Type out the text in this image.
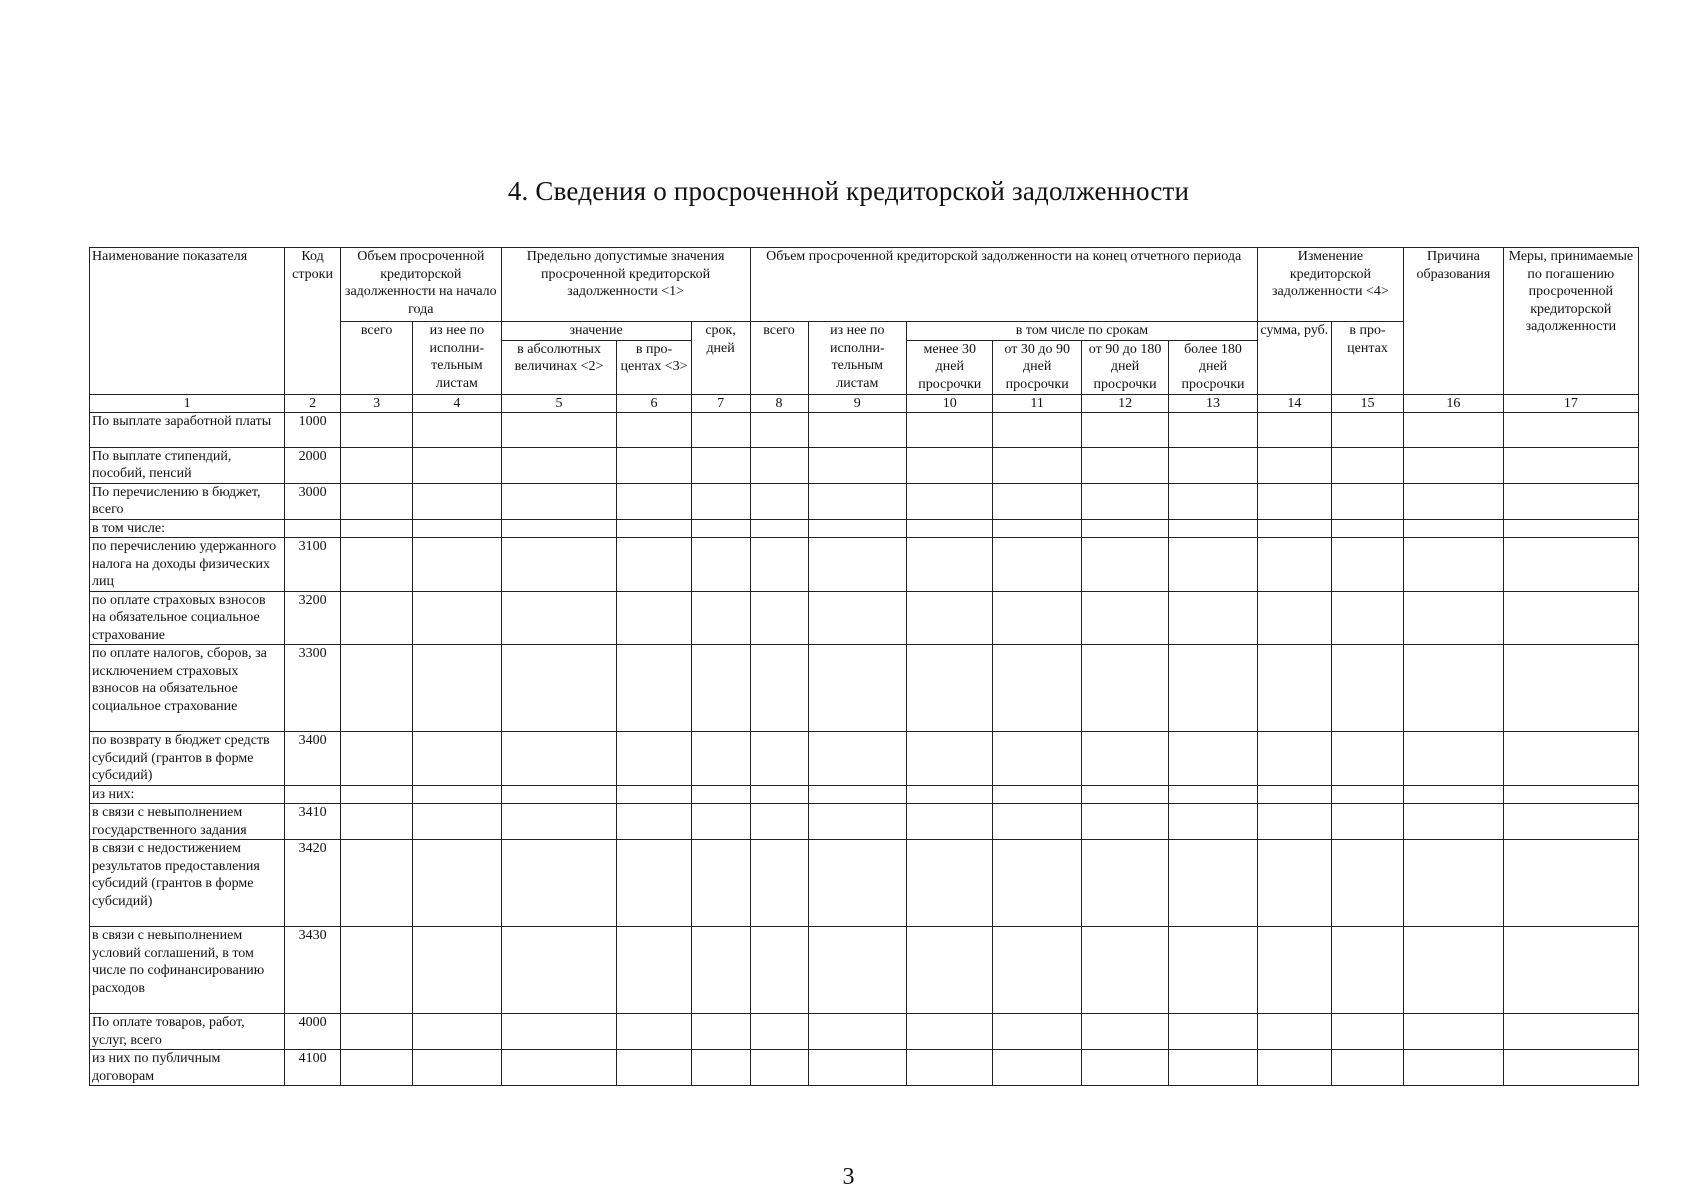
4. Сведения о просроченной кредиторской задолженности
Наименование показателя	Код строки	Объем просроченной кредиторской задолженности на начало года		Предельно допустимые значения просроченной кредиторской задолженности <1>			Объем просроченной кредиторской задолженности на конец отчетного периода						Изменение кредиторской задолженности <4>		Причина образования	Меры, принимаемые по погашению просроченной кредиторской задолженности
		всего	из нее по исполни-тельным листам	значение		срок, дней	всего	из нее по исполни-тельным листам	в том числе по срокам				сумма, руб.	в про-центах		
				в абсолютных величинах <2>	в про-центах <3>				менее 30 дней просрочки	от 30 до 90 дней просрочки	от 90 до 180 дней просрочки	более 180 дней просрочки				
1	2	3	4	5	6	7	8	9	10	11	12	13	14	15	16	17
По выплате заработной платы	1000															
По выплате стипендий, пособий, пенсий	2000															
По перечислению в бюджет, всего	3000															
в том числе:																
по перечислению удержанного налога на доходы физических лиц	3100															
по оплате страховых взносов на обязательное социальное страхование	3200															
по оплате налогов, сборов, за исключением страховых взносов на обязательное социальное страхование	3300															
по возврату в бюджет средств субсидий (грантов в форме субсидий)	3400															
из них:																
в связи с невыполнением государственного задания	3410															
в связи с недостижением результатов предоставления субсидий (грантов в форме субсидий)	3420															
в связи с невыполнением условий соглашений, в том числе по софинансированию расходов	3430															
По оплате товаров, работ, услуг, всего	4000															
из них по публичным договорам	4100															
3
